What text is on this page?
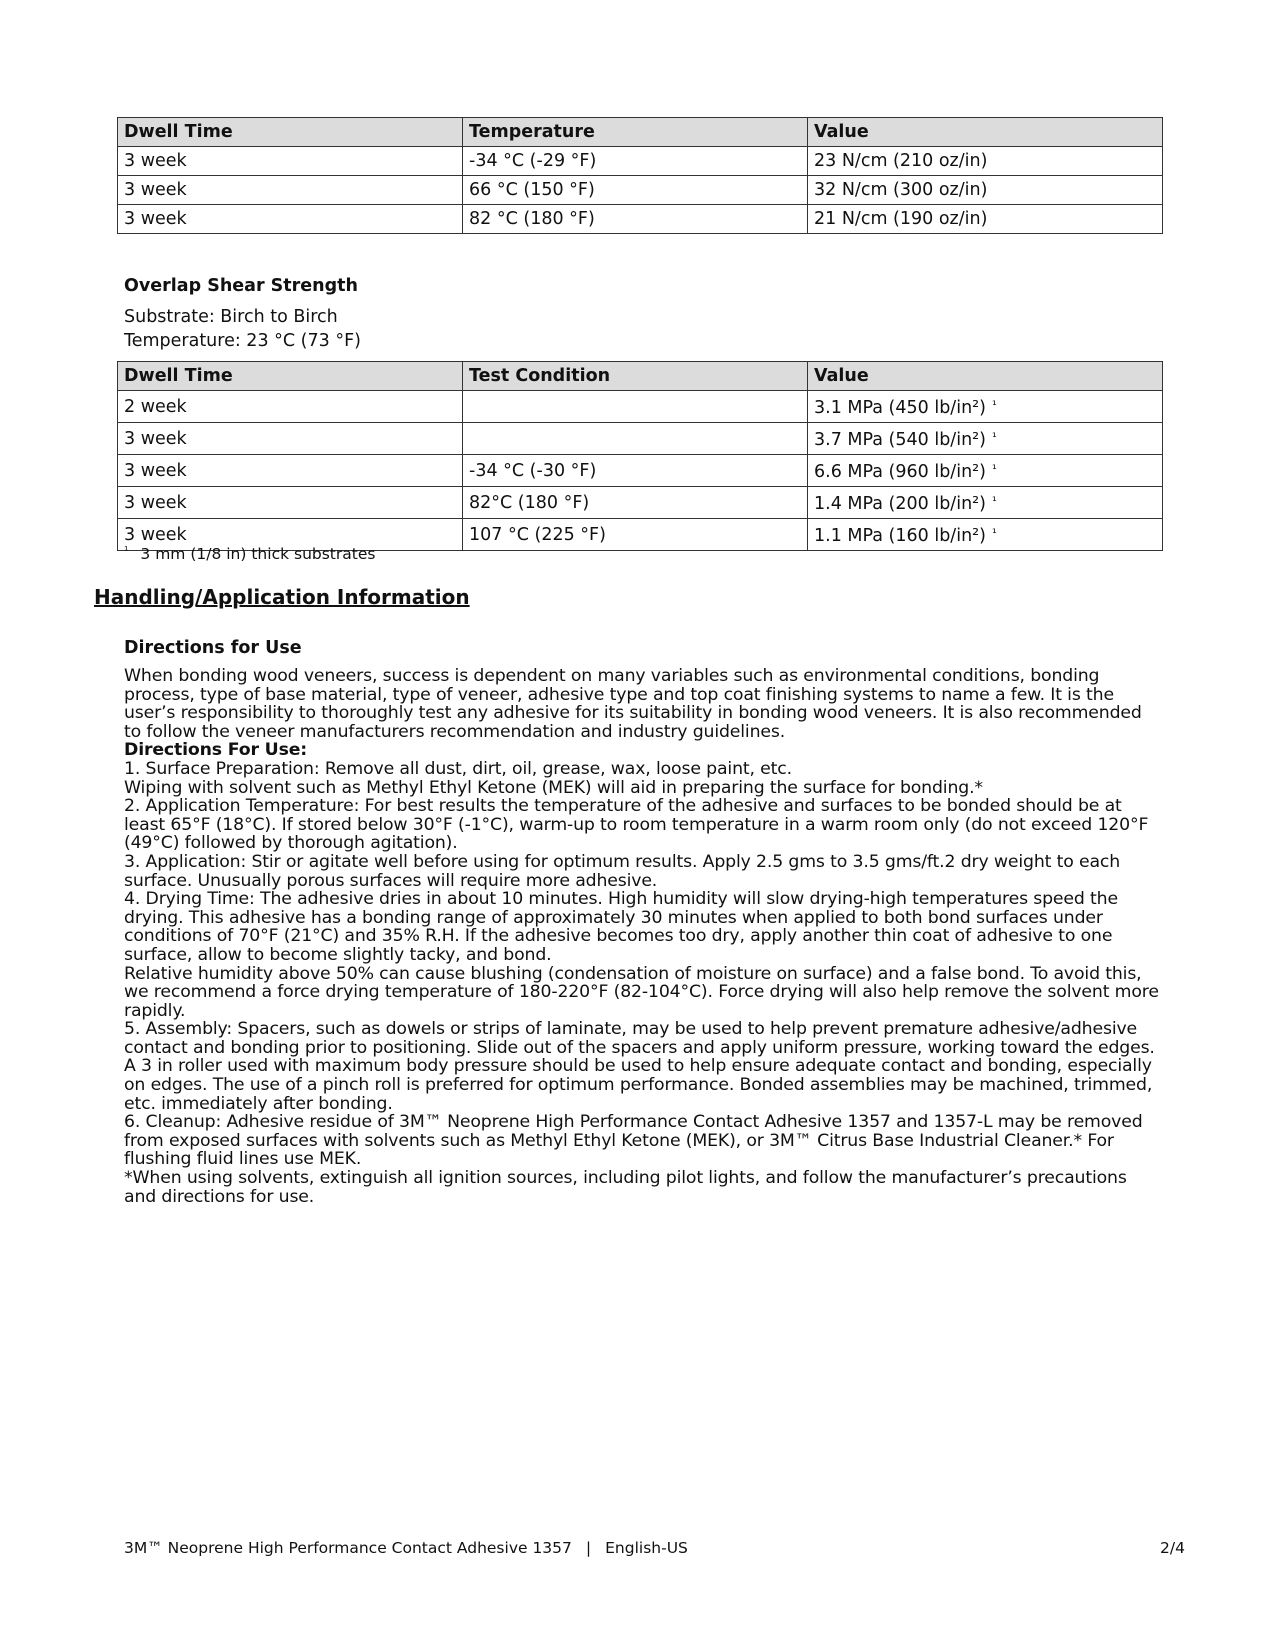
Dwell Time	Temperature	Value
3 week	-34 °C (-29 °F)	23 N/cm (210 oz/in)
3 week	66 °C (150 °F)	32 N/cm (300 oz/in)
3 week	82 °C (180 °F)	21 N/cm (190 oz/in)
Overlap Shear Strength
Substrate: Birch to Birch
Temperature: 23 °C (73 °F)
Dwell Time	Test Condition	Value
2 week		3.1 MPa (450 lb/in²) $^{^1}$
3 week		3.7 MPa (540 lb/in²) $^{^1}$
3 week	-34 °C (-30 °F)	6.6 MPa (960 lb/in²) $^{^1}$
3 week	82°C (180 °F)	1.4 MPa (200 lb/in²) $^{^1}$
3 week	107 °C (225 °F)	1.1 MPa (160 lb/in²) $^{^1}$
$^{^1}$ 3 mm (1/8 in) thick substrates
Handling/Application Information
Directions for Use

When bonding wood veneers, success is dependent on many variables such as environmental conditions, bonding process, type of base material, type of veneer, adhesive type and top coat finishing systems to name a few. It is the user’s responsibility to thoroughly test any adhesive for its suitability in bonding wood veneers. It is also recommended to follow the veneer manufacturers recommendation and industry guidelines.

Directions For Use:

1. Surface Preparation: Remove all dust, dirt, oil, grease, wax, loose paint, etc.

Wiping with solvent such as Methyl Ethyl Ketone (MEK) will aid in preparing the surface for bonding.*

2. Application Temperature: For best results the temperature of the adhesive and surfaces to be bonded should be at least 65°F (18°C). If stored below 30°F (-1°C), warm-up to room temperature in a warm room only (do not exceed 120°F (49°C) followed by thorough agitation).

3. Application: Stir or agitate well before using for optimum results. Apply 2.5 gms to 3.5 gms/ft.2 dry weight to each surface. Unusually porous surfaces will require more adhesive.

4. Drying Time: The adhesive dries in about 10 minutes. High humidity will slow drying-high temperatures speed the drying. This adhesive has a bonding range of approximately 30 minutes when applied to both bond surfaces under conditions of 70°F (21°C) and 35% R.H. If the adhesive becomes too dry, apply another thin coat of adhesive to one surface, allow to become slightly tacky, and bond.

Relative humidity above 50% can cause blushing (condensation of moisture on surface) and a false bond. To avoid this, we recommend a force drying temperature of 180-220°F (82-104°C). Force drying will also help remove the solvent more rapidly.

5. Assembly: Spacers, such as dowels or strips of laminate, may be used to help prevent premature adhesive/adhesive contact and bonding prior to positioning. Slide out of the spacers and apply uniform pressure, working toward the edges. A 3 in roller used with maximum body pressure should be used to help ensure adequate contact and bonding, especially on edges. The use of a pinch roll is preferred for optimum performance. Bonded assemblies may be machined, trimmed, etc. immediately after bonding.

6. Cleanup: Adhesive residue of 3M™ Neoprene High Performance Contact Adhesive 1357 and 1357-L may be removed from exposed surfaces with solvents such as Methyl Ethyl Ketone (MEK), or 3M™ Citrus Base Industrial Cleaner.* For flushing fluid lines use MEK.

*When using solvents, extinguish all ignition sources, including pilot lights, and follow the manufacturer’s precautions and directions for use.

3M™ Neoprene High Performance Contact Adhesive 1357 | English-US	2/4
